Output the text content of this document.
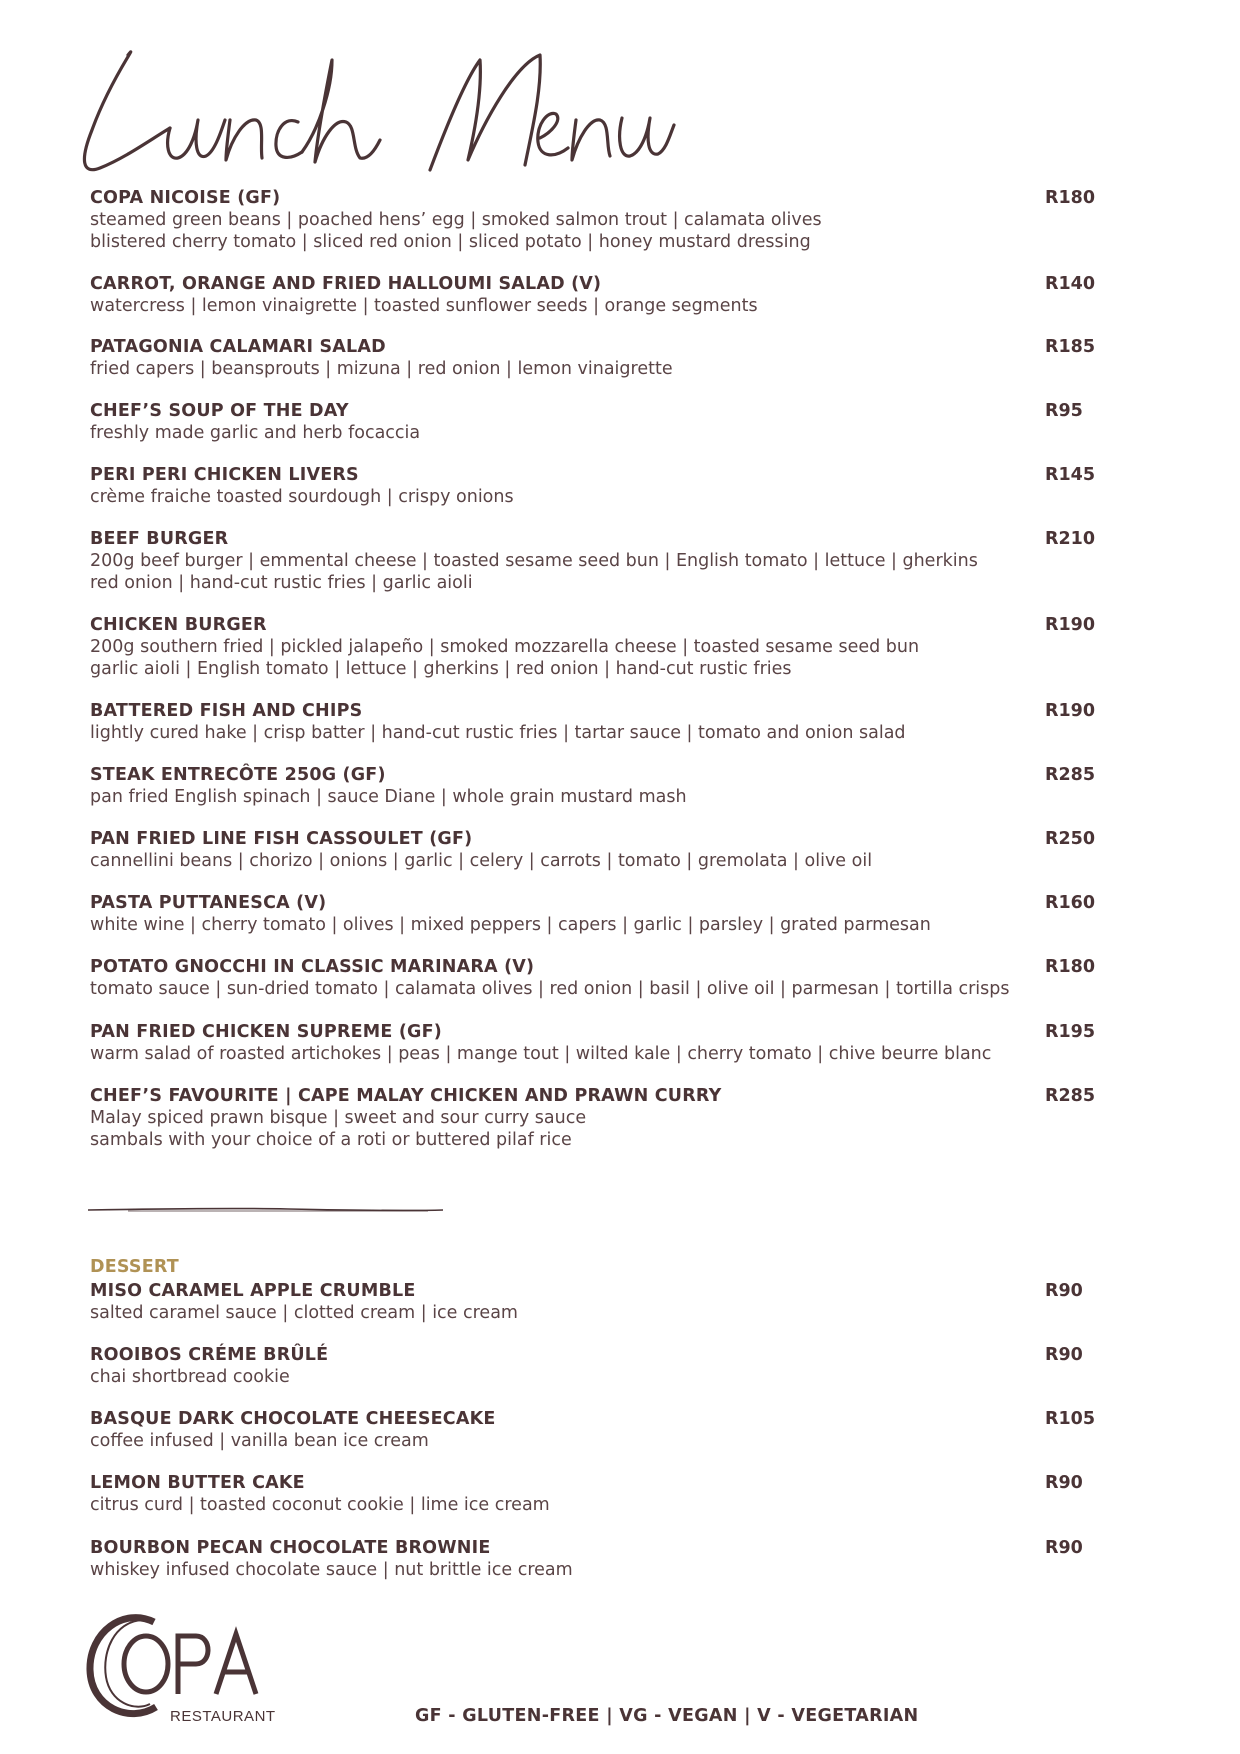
COPA NICOISE (GF)
steamed green beans | poached hens’ egg | smoked salmon trout | calamata olives
blistered cherry tomato | sliced red onion | sliced potato | honey mustard dressing
R180
CARROT, ORANGE AND FRIED HALLOUMI SALAD (V)
watercress | lemon vinaigrette | toasted sunflower seeds | orange segments
R140
PATAGONIA CALAMARI SALAD
fried capers | beansprouts | mizuna | red onion | lemon vinaigrette
R185
CHEF’S SOUP OF THE DAY
freshly made garlic and herb focaccia
R95
PERI PERI CHICKEN LIVERS
crème fraiche toasted sourdough | crispy onions
R145
BEEF BURGER
200g beef burger | emmental cheese | toasted sesame seed bun | English tomato | lettuce | gherkins
red onion | hand-cut rustic fries | garlic aioli
R210
CHICKEN BURGER
200g southern fried | pickled jalapeño | smoked mozzarella cheese | toasted sesame seed bun
garlic aioli | English tomato | lettuce | gherkins | red onion | hand-cut rustic fries
R190
BATTERED FISH AND CHIPS
lightly cured hake | crisp batter | hand-cut rustic fries | tartar sauce | tomato and onion salad
R190
STEAK ENTRECÔTE 250G (GF)
pan fried English spinach | sauce Diane | whole grain mustard mash
R285
PAN FRIED LINE FISH CASSOULET (GF)
cannellini beans | chorizo | onions | garlic | celery | carrots | tomato | gremolata | olive oil
R250
PASTA PUTTANESCA (V)
white wine | cherry tomato | olives | mixed peppers | capers | garlic | parsley | grated parmesan
R160
POTATO GNOCCHI IN CLASSIC MARINARA (V)
tomato sauce | sun-dried tomato | calamata olives | red onion | basil | olive oil | parmesan | tortilla crisps
R180
PAN FRIED CHICKEN SUPREME (GF)
warm salad of roasted artichokes | peas | mange tout | wilted kale | cherry tomato | chive beurre blanc
R195
CHEF’S FAVOURITE | CAPE MALAY CHICKEN AND PRAWN CURRY
Malay spiced prawn bisque | sweet and sour curry sauce
sambals with your choice of a roti or buttered pilaf rice
R285
DESSERT
MISO CARAMEL APPLE CRUMBLE
salted caramel sauce | clotted cream | ice cream
R90
ROOIBOS CRÉME BRÛLÉ
chai shortbread cookie
R90
BASQUE DARK CHOCOLATE CHEESECAKE
coffee infused | vanilla bean ice cream
R105
LEMON BUTTER CAKE
citrus curd | toasted coconut cookie | lime ice cream
R90
BOURBON PECAN CHOCOLATE BROWNIE
whiskey infused chocolate sauce | nut brittle ice cream
R90
RESTAURANT	GF - GLUTEN-FREE | VG - VEGAN | V - VEGETARIAN
